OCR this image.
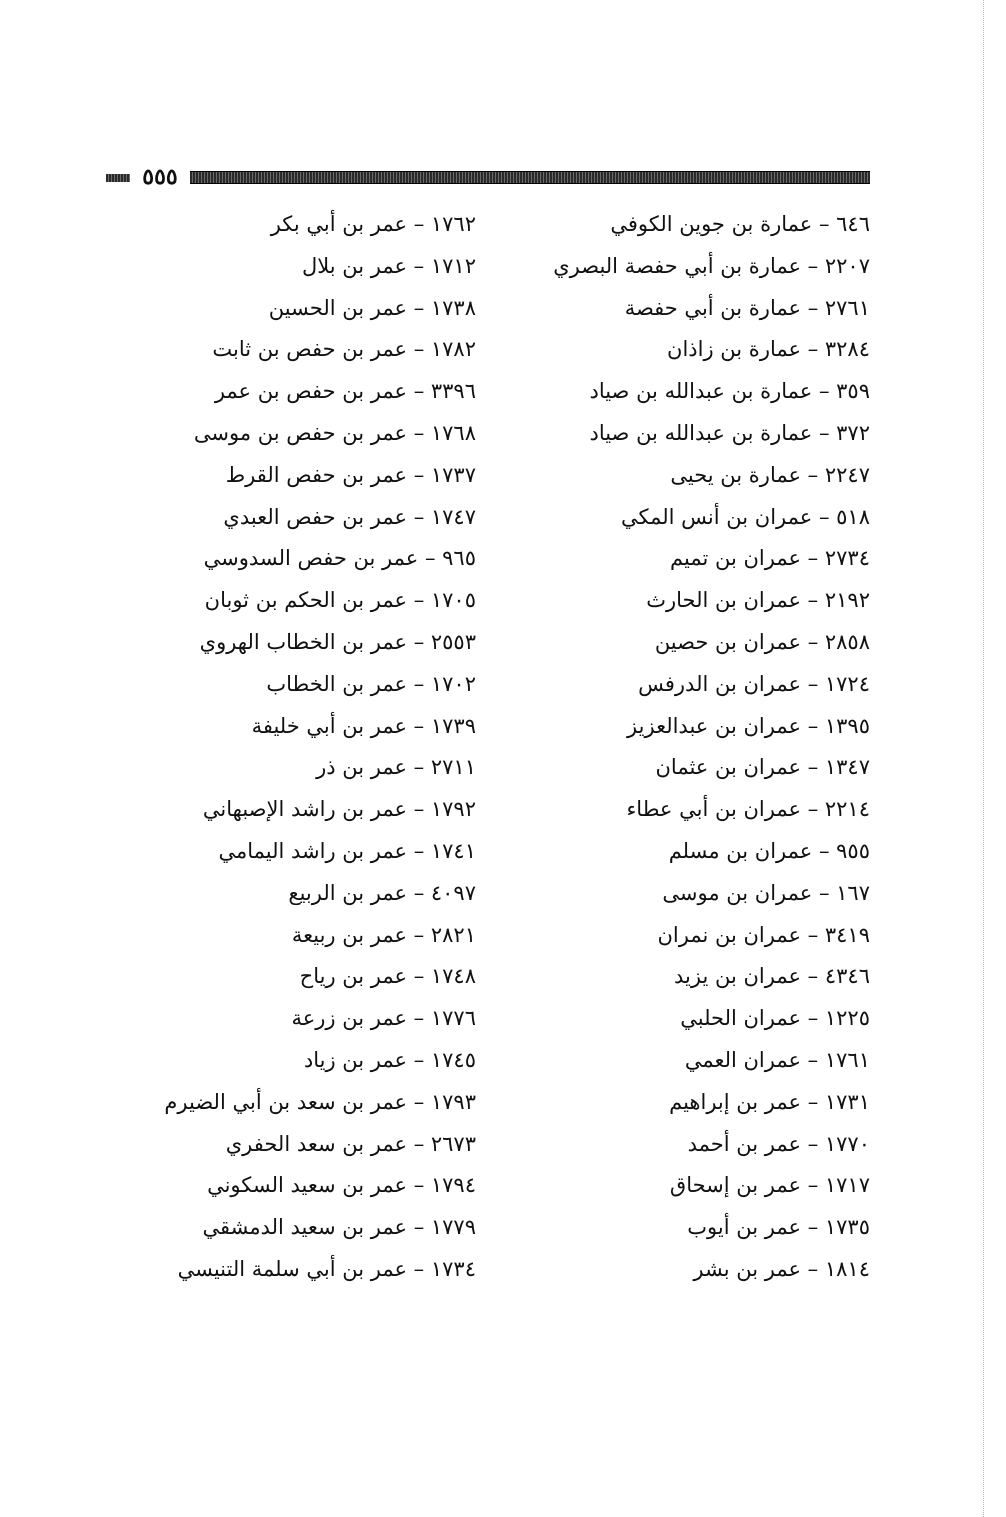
٥٥٥
٦٤٦ – عمارة بن جوين الكوفي
٢٢٠٧ – عمارة بن أبي حفصة البصري
٢٧٦١ – عمارة بن أبي حفصة
٣٢٨٤ – عمارة بن زاذان
٣٥٩ – عمارة بن عبدالله بن صياد
٣٧٢ – عمارة بن عبدالله بن صياد
٢٢٤٧ – عمارة بن يحيى
٥١٨ – عمران بن أنس المكي
٢٧٣٤ – عمران بن تميم
٢١٩٢ – عمران بن الحارث
٢٨٥٨ – عمران بن حصين
١٧٢٤ – عمران بن الدرفس
١٣٩٥ – عمران بن عبدالعزيز
١٣٤٧ – عمران بن عثمان
٢٢١٤ – عمران بن أبي عطاء
٩٥٥ – عمران بن مسلم
١٦٧ – عمران بن موسى
٣٤١٩ – عمران بن نمران
٤٣٤٦ – عمران بن يزيد
١٢٢٥ – عمران الحلبي
١٧٦١ – عمران العمي
١٧٣١ – عمر بن إبراهيم
١٧٧٠ – عمر بن أحمد
١٧١٧ – عمر بن إسحاق
١٧٣٥ – عمر بن أيوب
١٨١٤ – عمر بن بشر
١٧٦٢ – عمر بن أبي بكر
١٧١٢ – عمر بن بلال
١٧٣٨ – عمر بن الحسين
١٧٨٢ – عمر بن حفص بن ثابت
٣٣٩٦ – عمر بن حفص بن عمر
١٧٦٨ – عمر بن حفص بن موسى
١٧٣٧ – عمر بن حفص القرط
١٧٤٧ – عمر بن حفص العبدي
٩٦٥ – عمر بن حفص السدوسي
١٧٠٥ – عمر بن الحكم بن ثوبان
٢٥٥٣ – عمر بن الخطاب الهروي
١٧٠٢ – عمر بن الخطاب
١٧٣٩ – عمر بن أبي خليفة
٢٧١١ – عمر بن ذر
١٧٩٢ – عمر بن راشد الإصبهاني
١٧٤١ – عمر بن راشد اليمامي
٤٠٩٧ – عمر بن الربيع
٢٨٢١ – عمر بن ربيعة
١٧٤٨ – عمر بن رياح
١٧٧٦ – عمر بن زرعة
١٧٤٥ – عمر بن زياد
١٧٩٣ – عمر بن سعد بن أبي الضيرم
٢٦٧٣ – عمر بن سعد الحفري
١٧٩٤ – عمر بن سعيد السكوني
١٧٧٩ – عمر بن سعيد الدمشقي
١٧٣٤ – عمر بن أبي سلمة التنيسي
